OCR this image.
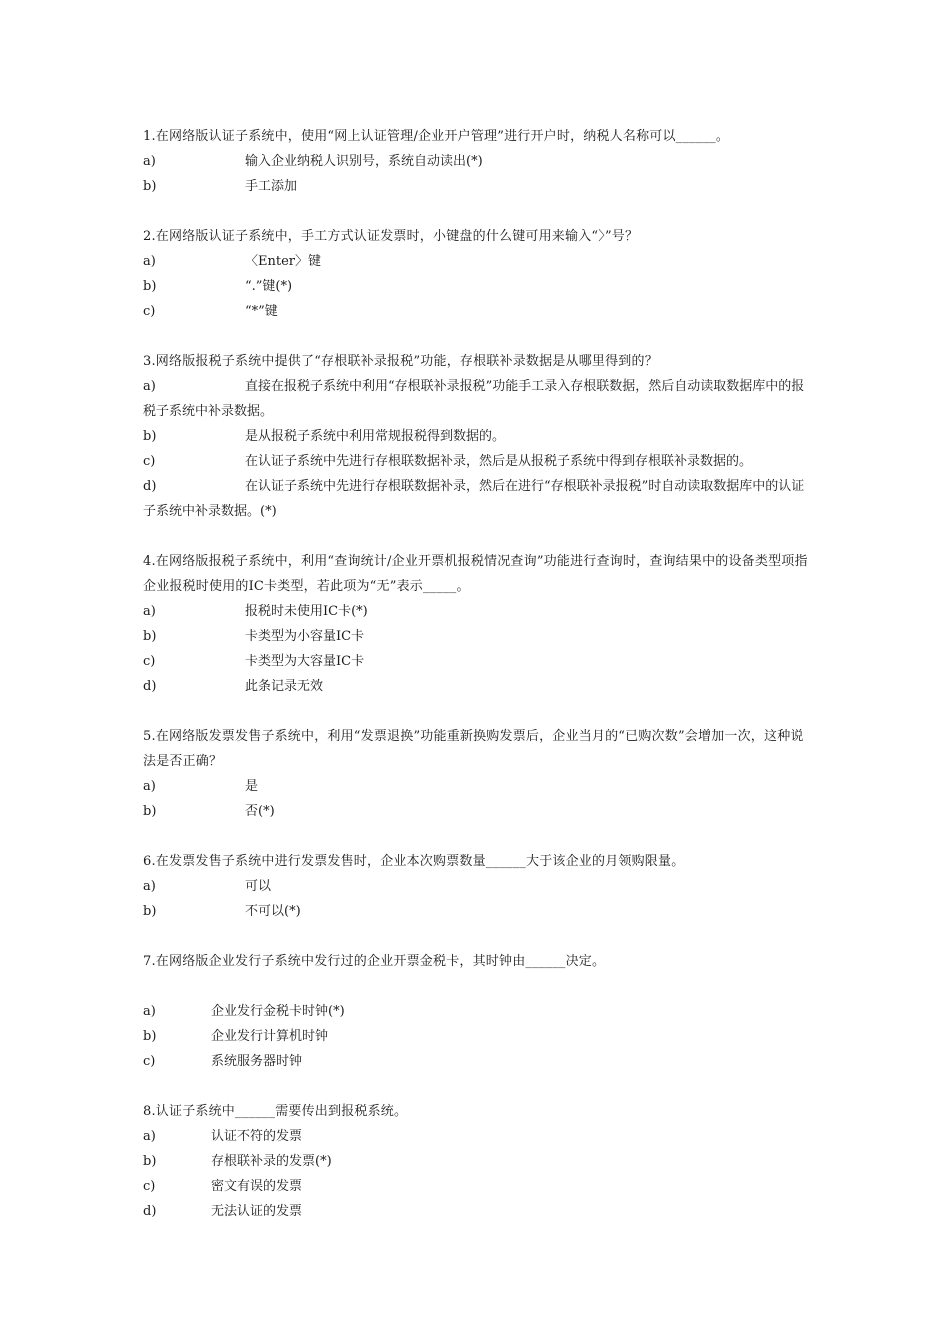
1.在网络版认证子系统中，使用“网上认证管理/企业开户管理”进行开户时，纳税人名称可以______。
a)	输入企业纳税人识别号，系统自动读出(*)
b)	手工添加
2.在网络版认证子系统中，手工方式认证发票时，小键盘的什么键可用来输入“〉”号？
a)	〈Enter〉键
b)	“.”键(*)
c)	“*”键
3.网络版报税子系统中提供了“存根联补录报税”功能，存根联补录数据是从哪里得到的？
a)	直接在报税子系统中利用“存根联补录报税”功能手工录入存根联数据，然后自动读取数据库中的报税子系统中补录数据。
b)	是从报税子系统中利用常规报税得到数据的。
c)	在认证子系统中先进行存根联数据补录，然后是从报税子系统中得到存根联补录数据的。
d)	在认证子系统中先进行存根联数据补录，然后在进行“存根联补录报税”时自动读取数据库中的认证子系统中补录数据。(*)
4.在网络版报税子系统中，利用“查询统计/企业开票机报税情况查询”功能进行查询时，查询结果中的设备类型项指企业报税时使用的IC卡类型，若此项为“无”表示_____。
a)	报税时未使用IC卡(*)
b)	卡类型为小容量IC卡
c)	卡类型为大容量IC卡
d)	此条记录无效
5.在网络版发票发售子系统中，利用“发票退换”功能重新换购发票后，企业当月的“已购次数”会增加一次，这种说法是否正确？
a)	是
b)	否(*)
6.在发票发售子系统中进行发票发售时，企业本次购票数量______大于该企业的月领购限量。
a)	可以
b)	不可以(*)
7.在网络版企业发行子系统中发行过的企业开票金税卡，其时钟由______决定。
a)	企业发行金税卡时钟(*)
b)	企业发行计算机时钟
c)	系统服务器时钟
8.认证子系统中______需要传出到报税系统。
a)	认证不符的发票
b)	存根联补录的发票(*)
c)	密文有误的发票
d)	无法认证的发票
